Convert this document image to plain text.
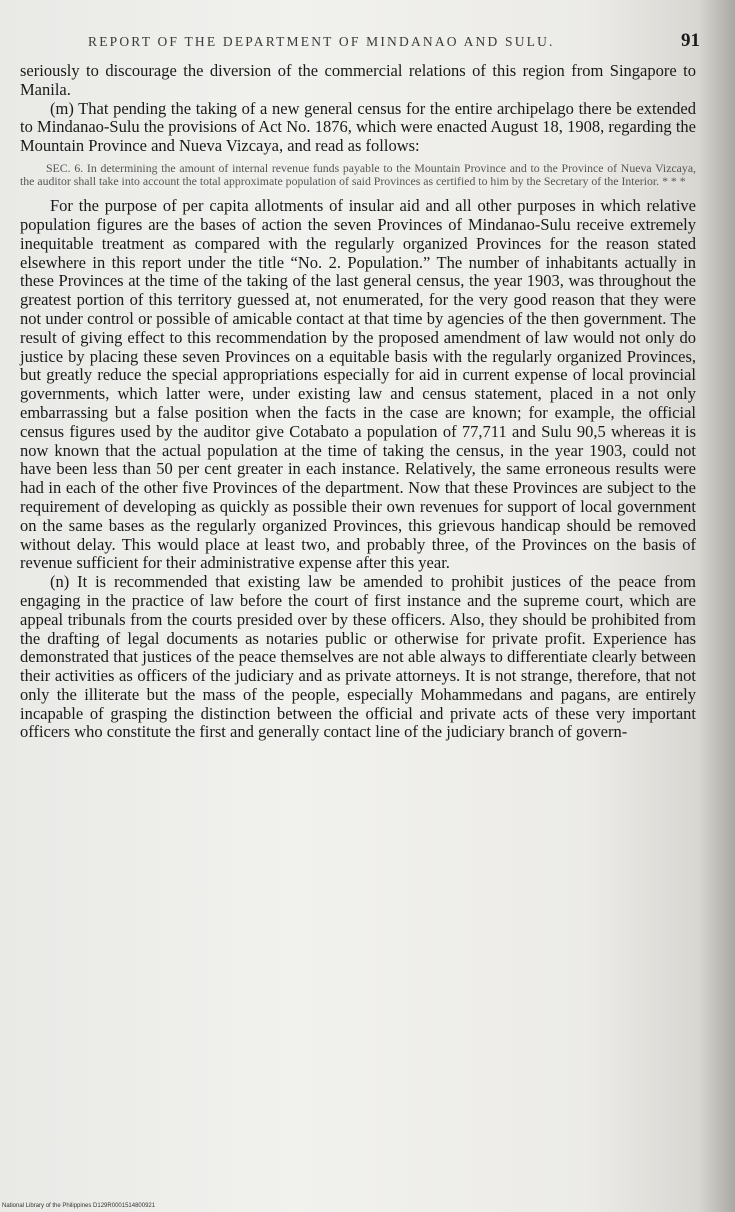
REPORT OF THE DEPARTMENT OF MINDANAO AND SULU.	91

seriously to discourage the diversion of the commercial relations of this region from Singapore to Manila.

(m) That pending the taking of a new general census for the entire archipelago there be extended to Mindanao-Sulu the provisions of Act No. 1876, which were enacted August 18, 1908, regarding the Mountain Province and Nueva Vizcaya, and read as follows:

SEC. 6. In determining the amount of internal revenue funds payable to the Mountain Province and to the Province of Nueva Vizcaya, the auditor shall take into account the total approximate population of said Provinces as certified to him by the Secretary of the Interior. * * *

For the purpose of per capita allotments of insular aid and all other purposes in which relative population figures are the bases of action the seven Provinces of Mindanao-Sulu receive extremely inequitable treatment as compared with the regularly organized Provinces for the reason stated elsewhere in this report under the title “No. 2. Population.” The number of inhabitants actually in these Provinces at the time of the taking of the last general census, the year 1903, was throughout the greatest portion of this territory guessed at, not enumerated, for the very good reason that they were not under control or possible of amicable contact at that time by agencies of the then government. The result of giving effect to this recommendation by the proposed amendment of law would not only do justice by placing these seven Provinces on a equitable basis with the regularly organized Provinces, but greatly reduce the special appropriations especially for aid in current expense of local provincial governments, which latter were, under existing law and census statement, placed in a not only embarrassing but a false position when the facts in the case are known; for example, the official census figures used by the auditor give Cotabato a population of 77,711 and Sulu 90,5 whereas it is now known that the actual population at the time of taking the census, in the year 1903, could not have been less than 50 per cent greater in each instance. Relatively, the same erroneous results were had in each of the other five Provinces of the department. Now that these Provinces are subject to the requirement of developing as quickly as possible their own revenues for support of local government on the same bases as the regularly organized Provinces, this grievous handicap should be removed without delay. This would place at least two, and probably three, of the Provinces on the basis of revenue sufficient for their administrative expense after this year.

(n) It is recommended that existing law be amended to prohibit justices of the peace from engaging in the practice of law before the court of first instance and the supreme court, which are appeal tribunals from the courts presided over by these officers. Also, they should be prohibited from the drafting of legal documents as notaries public or otherwise for private profit. Experience has demonstrated that justices of the peace themselves are not able always to differentiate clearly between their activities as officers of the judiciary and as private attorneys. It is not strange, therefore, that not only the illiterate but the mass of the people, especially Mohammedans and pagans, are entirely incapable of grasping the distinction between the official and private acts of these very important officers who constitute the first and generally contact line of the judiciary branch of govern-

National Library of the Philippines D129R0001514800921
